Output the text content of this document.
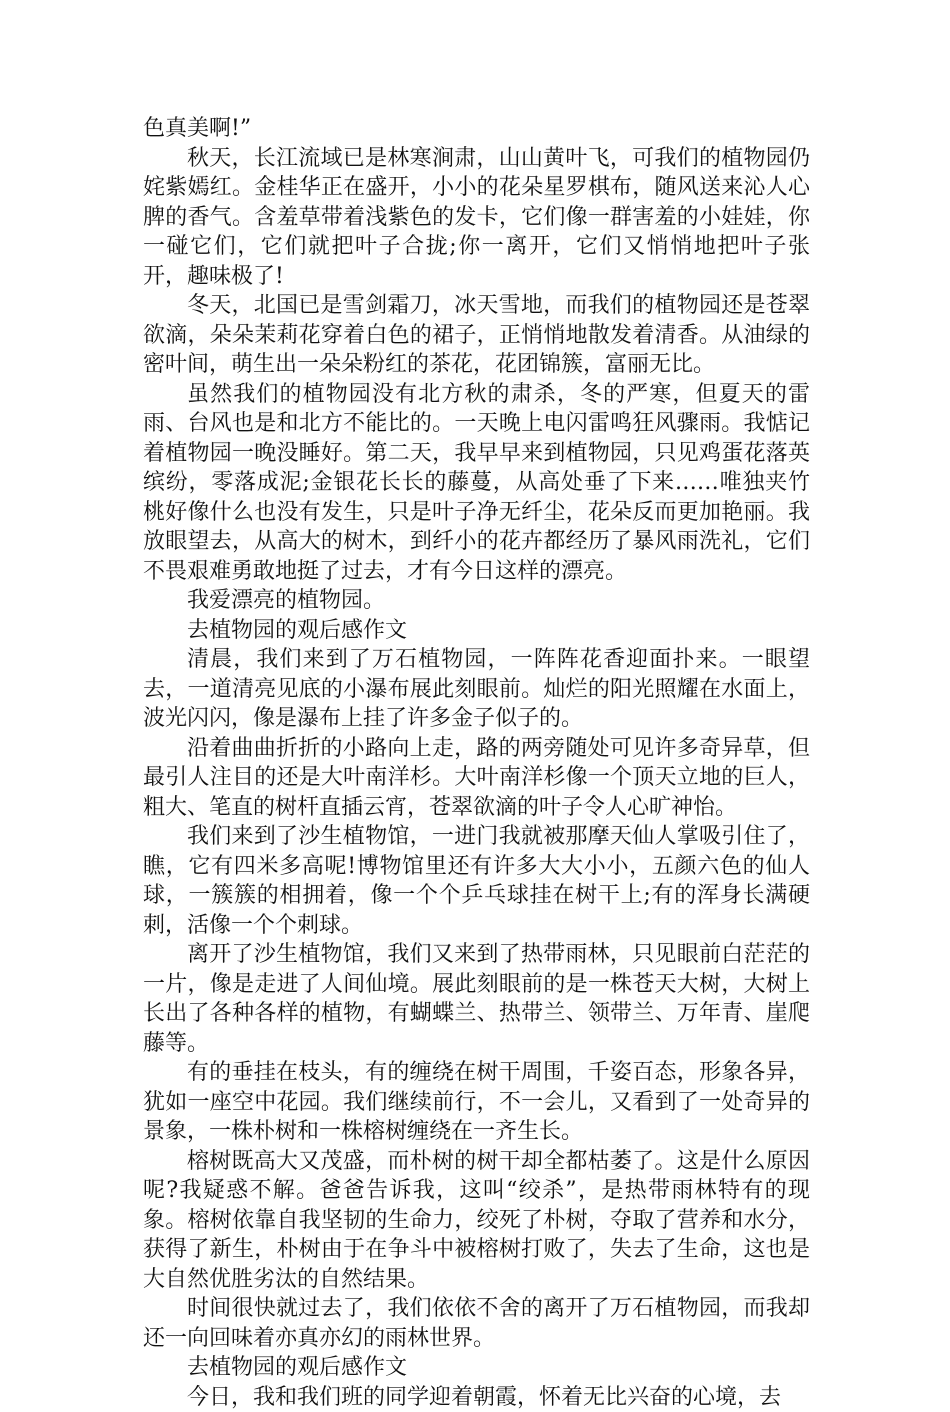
色真美啊!”

秋天，长江流域已是林寒涧肃，山山黄叶飞，可我们的植物园仍姹紫嫣红。金桂华正在盛开，小小的花朵星罗棋布，随风送来沁人心脾的香气。含羞草带着浅紫色的发卡，它们像一群害羞的小娃娃，你一碰它们，它们就把叶子合拢;你一离开，它们又悄悄地把叶子张开，趣味极了!

冬天，北国已是雪剑霜刀，冰天雪地，而我们的植物园还是苍翠欲滴，朵朵茉莉花穿着白色的裙子，正悄悄地散发着清香。从油绿的密叶间，萌生出一朵朵粉红的茶花，花团锦簇，富丽无比。

虽然我们的植物园没有北方秋的肃杀，冬的严寒，但夏天的雷雨、台风也是和北方不能比的。一天晚上电闪雷鸣狂风骤雨。我惦记着植物园一晚没睡好。第二天，我早早来到植物园，只见鸡蛋花落英缤纷，零落成泥;金银花长长的藤蔓，从高处垂了下来……唯独夹竹桃好像什么也没有发生，只是叶子净无纤尘，花朵反而更加艳丽。我放眼望去，从高大的树木，到纤小的花卉都经历了暴风雨洗礼，它们不畏艰难勇敢地挺了过去，才有今日这样的漂亮。

我爱漂亮的植物园。

去植物园的观后感作文

清晨，我们来到了万石植物园，一阵阵花香迎面扑来。一眼望去，一道清亮见底的小瀑布展此刻眼前。灿烂的阳光照耀在水面上，波光闪闪，像是瀑布上挂了许多金子似子的。

沿着曲曲折折的小路向上走，路的两旁随处可见许多奇异草，但最引人注目的还是大叶南洋杉。大叶南洋杉像一个顶天立地的巨人，粗大、笔直的树杆直插云宵，苍翠欲滴的叶子令人心旷神怡。

我们来到了沙生植物馆，一进门我就被那摩天仙人掌吸引住了，瞧，它有四米多高呢!博物馆里还有许多大大小小，五颜六色的仙人球，一簇簇的相拥着，像一个个乒乓球挂在树干上;有的浑身长满硬刺，活像一个个刺球。

离开了沙生植物馆，我们又来到了热带雨林，只见眼前白茫茫的一片，像是走进了人间仙境。展此刻眼前的是一株苍天大树，大树上长出了各种各样的植物，有蝴蝶兰、热带兰、领带兰、万年青、崖爬藤等。

有的垂挂在枝头，有的缠绕在树干周围，千姿百态，形象各异，犹如一座空中花园。我们继续前行，不一会儿，又看到了一处奇异的景象，一株朴树和一株榕树缠绕在一齐生长。

榕树既高大又茂盛，而朴树的树干却全都枯萎了。这是什么原因呢?我疑惑不解。爸爸告诉我，这叫“绞杀”，是热带雨林特有的现象。榕树依靠自我坚韧的生命力，绞死了朴树，夺取了营养和水分，获得了新生，朴树由于在争斗中被榕树打败了，失去了生命，这也是大自然优胜劣汰的自然结果。

时间很快就过去了，我们依依不舍的离开了万石植物园，而我却还一向回味着亦真亦幻的雨林世界。

去植物园的观后感作文

今日，我和我们班的同学迎着朝霞，怀着无比兴奋的心境，去
